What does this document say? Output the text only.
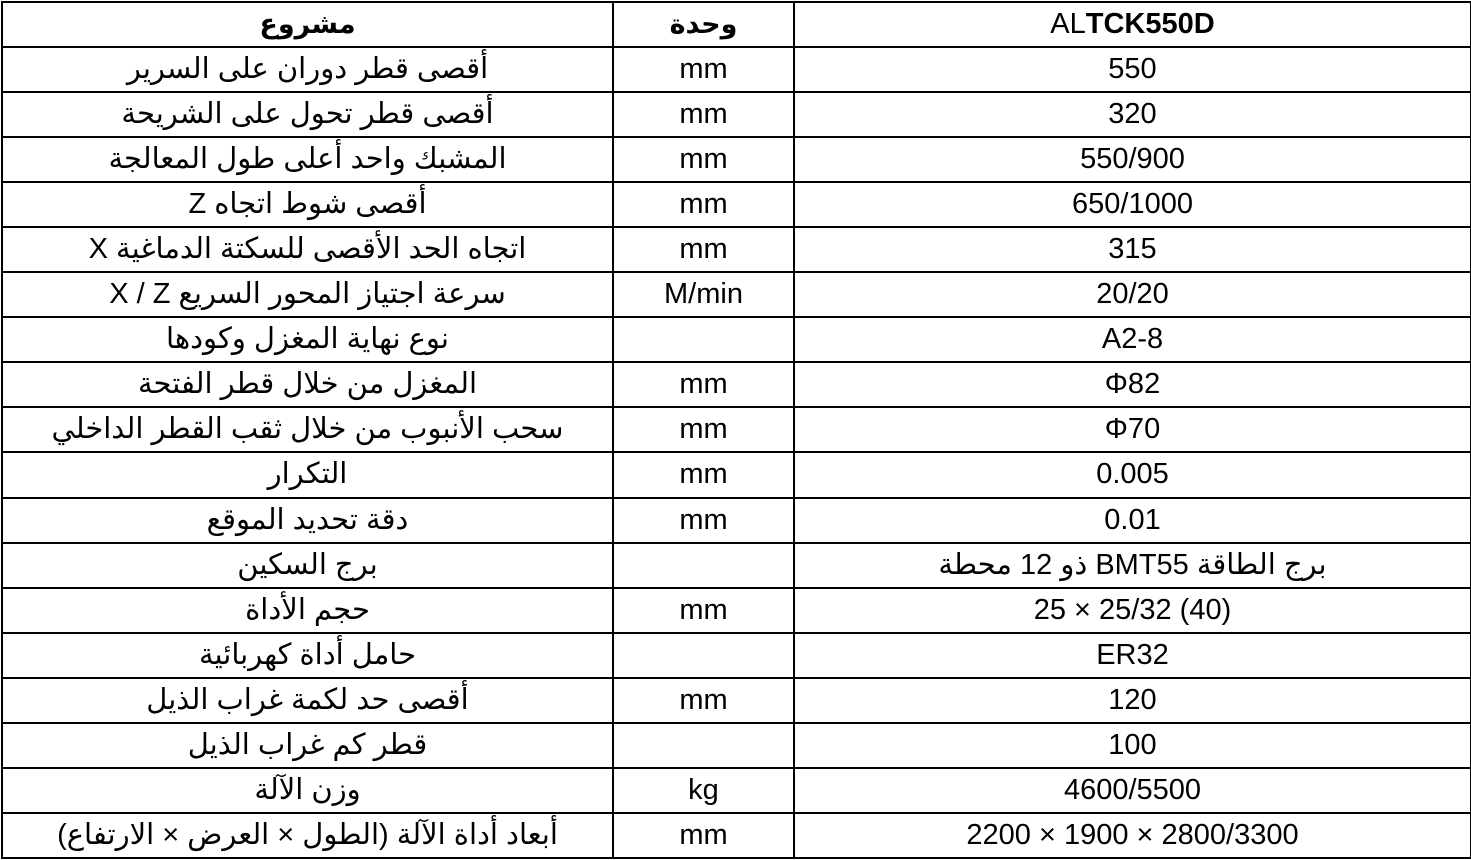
مشروع	وحدة	ALTCK550D
أقصى قطر دوران على السرير	mm	550
أقصى قطر تحول على الشريحة	mm	320
المشبك واحد أعلى طول المعالجة	mm	550/900
أقصى شوط اتجاه Z	mm	650/1000
اتجاه الحد الأقصى للسكتة الدماغية X	mm	315
سرعة اجتياز المحور السريع X / Z	M/min	20/20
نوع نهاية المغزل وكودها		A2-8
المغزل من خلال قطر الفتحة	mm	Φ82
سحب الأنبوب من خلال ثقب القطر الداخلي	mm	Φ70
التكرار	mm	0.005
دقة تحديد الموقع	mm	0.01
برج السكين		برج الطاقة BMT55 ذو 12 محطة
حجم الأداة	mm	25 × 25/32 (40)
حامل أداة كهربائية		ER32
أقصى حد لكمة غراب الذيل	mm	120
قطر كم غراب الذيل		100
وزن الآلة	kg	4600/5500
أبعاد أداة الآلة (الطول × العرض × الارتفاع)	mm	2200 × 1900 × 2800/3300
